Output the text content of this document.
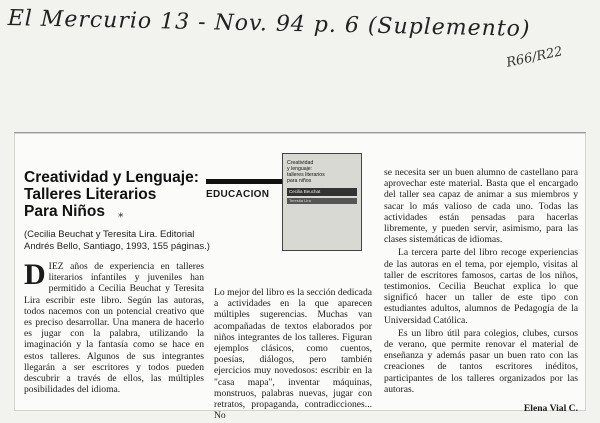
El Mercurio 13 - Nov. 94 p. 6 (Suplemento)
R66/R22
Creatividad y Lenguaje:
Talleres Literarios
Para Niños	⁎
(Cecilia Beuchat y Teresita Lira. Editorial Andrés Bello, Santiago, 1993, 155 páginas.)
EDUCACION
Creatividad
y lenguaje:
talleres literarios
para niños
Cecilia Beuchat
Teresita Lira
D IEZ años de experiencia en talleres literarios infantiles y juveniles han permitido a Cecilia Beuchat y Teresita Lira escribir este libro. Según las autoras, todos nacemos con un potencial creativo que es preciso desarrollar. Una manera de hacerlo es jugar con la palabra, utilizando la imaginación y la fantasía como se hace en estos talleres. Algunos de sus integrantes llegarán a ser escritores y todos pueden descubrir a través de ellos, las múltiples posibilidades del idioma.

Lo mejor del libro es la sección dedicada a actividades en la que aparecen múltiples sugerencias. Muchas van acompañadas de textos elaborados por niños integrantes de los talleres. Figuran ejemplos clásicos, como cuentos, poesías, diálogos, pero también ejercicios muy novedosos: escribir en la "casa mapa", inventar máquinas, monstruos, palabras nuevas, jugar con retratos, propaganda, contradicciones... No

se necesita ser un buen alumno de castellano para aprovechar este material. Basta que el encargado del taller sea capaz de animar a sus miembros y sacar lo más valioso de cada uno. Todas las actividades están pensadas para hacerlas libremente, y pueden servir, asimismo, para las clases sistemáticas de idiomas.

La tercera parte del libro recoge experiencias de las autoras en el tema, por ejemplo, visitas al taller de escritores famosos, cartas de los niños, testimonios. Cecilia Beuchat explica lo que significó hacer un taller de este tipo con estudiantes adultos, alumnos de Pedagogía de la Universidad Católica.

Es un libro útil para colegios, clubes, cursos de verano, que permite renovar el material de enseñanza y además pasar un buen rato con las creaciones de tantos escritores inéditos, participantes de los talleres organizados por las autoras.

Elena Vial C.
